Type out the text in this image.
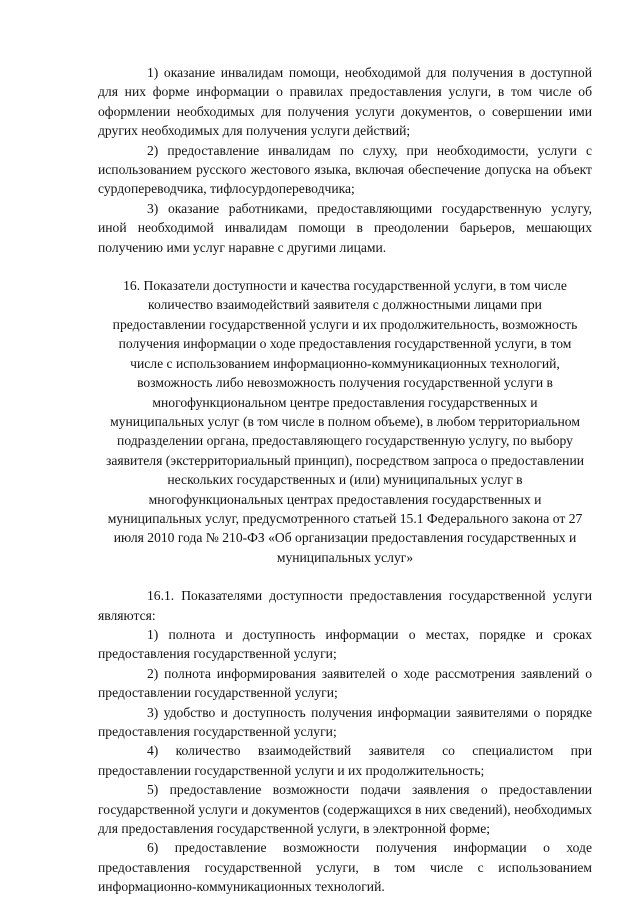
1) оказание инвалидам помощи, необходимой для получения в доступной для них форме информации о правилах предоставления услуги, в том числе об оформлении необходимых для получения услуги документов, о совершении ими других необходимых для получения услуги действий;

2) предоставление инвалидам по слуху, при необходимости, услуги с использованием русского жестового языка, включая обеспечение допуска на объект сурдопереводчика, тифлосурдопереводчика;

3) оказание работниками, предоставляющими государственную услугу, иной необходимой инвалидам помощи в преодолении барьеров, мешающих получению ими услуг наравне с другими лицами.

16. Показатели доступности и качества государственной услуги, в том числе количество взаимодействий заявителя с должностными лицами при предоставлении государственной услуги и их продолжительность, возможность получения информации о ходе предоставления государственной услуги, в том числе с использованием информационно-коммуникационных технологий, возможность либо невозможность получения государственной услуги в многофункциональном центре предоставления государственных и муниципальных услуг (в том числе в полном объеме), в любом территориальном подразделении органа, предоставляющего государственную услугу, по выбору заявителя (экстерриториальный принцип), посредством запроса о предоставлении нескольких государственных и (или) муниципальных услуг в многофункциональных центрах предоставления государственных и муниципальных услуг, предусмотренного статьей 15.1 Федерального закона от 27 июля 2010 года № 210-ФЗ «Об организации предоставления государственных и муниципальных услуг»

16.1. Показателями доступности предоставления государственной услуги являются:

1) полнота и доступность информации о местах, порядке и сроках предоставления государственной услуги;

2) полнота информирования заявителей о ходе рассмотрения заявлений о предоставлении государственной услуги;

3) удобство и доступность получения информации заявителями о порядке предоставления государственной услуги;

4) количество взаимодействий заявителя со специалистом при предоставлении государственной услуги и их продолжительность;

5) предоставление возможности подачи заявления о предоставлении государственной услуги и документов (содержащихся в них сведений), необходимых для предоставления государственной услуги, в электронной форме;

6) предоставление возможности получения информации о ходе предоставления государственной услуги, в том числе с использованием информационно-коммуникационных технологий.
